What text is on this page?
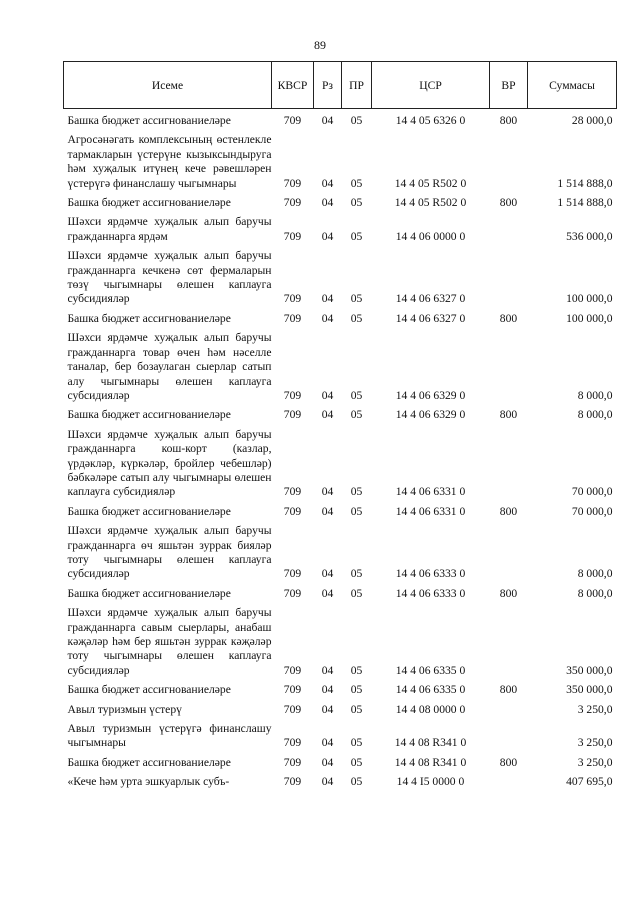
89
Исеме	КВСР	Рз	ПР	ЦСР	ВР	Суммасы
Башка бюджет ассигнованиеләре	709	04	05	14 4 05 6326 0	800	28 000,0
Агросәнәгать комплексының өстенлекле тармакларын үстерүне кызыксындыруга һәм хуҗалык итүнең кече рәвешләрен үстерүгә финанслашу чыгымнары	709	04	05	14 4 05 R502 0		1 514 888,0
Башка бюджет ассигнованиеләре	709	04	05	14 4 05 R502 0	800	1 514 888,0
Шәхси ярдәмче хуҗалык алып баручы гражданнарга ярдәм	709	04	05	14 4 06 0000 0		536 000,0
Шәхси ярдәмче хуҗалык алып баручы гражданнарга кечкенә сөт фермаларын төзү чыгымнары өлешен каплауга субсидияләр	709	04	05	14 4 06 6327 0		100 000,0
Башка бюджет ассигнованиеләре	709	04	05	14 4 06 6327 0	800	100 000,0
Шәхси ярдәмче хуҗалык алып баручы гражданнарга товар өчен һәм нәселле таналар, бер бозаулаган сыерлар сатып алу чыгымнары өлешен каплауга субсидияләр	709	04	05	14 4 06 6329 0		8 000,0
Башка бюджет ассигнованиеләре	709	04	05	14 4 06 6329 0	800	8 000,0
Шәхси ярдәмче хуҗалык алып баручы гражданнарга кош-корт (казлар, үрдәкләр, күркәләр, бройлер чебешләр) бәбкәләре сатып алу чыгымнары өлешен каплауга субсидияләр	709	04	05	14 4 06 6331 0		70 000,0
Башка бюджет ассигнованиеләре	709	04	05	14 4 06 6331 0	800	70 000,0
Шәхси ярдәмче хуҗалык алып баручы гражданнарга өч яшьтән зуррак бияләр тоту чыгымнары өлешен каплауга субсидияләр	709	04	05	14 4 06 6333 0		8 000,0
Башка бюджет ассигнованиеләре	709	04	05	14 4 06 6333 0	800	8 000,0
Шәхси ярдәмче хуҗалык алып баручы гражданнарга савым сыерлары, анабаш кәҗәләр һәм бер яшьтән зуррак кәҗәләр тоту чыгымнары өлешен каплауга субсидияләр	709	04	05	14 4 06 6335 0		350 000,0
Башка бюджет ассигнованиеләре	709	04	05	14 4 06 6335 0	800	350 000,0
Авыл туризмын үстерү	709	04	05	14 4 08 0000 0		3 250,0
Авыл туризмын үстерүгә финанслашу чыгымнары	709	04	05	14 4 08 R341 0		3 250,0
Башка бюджет ассигнованиеләре	709	04	05	14 4 08 R341 0	800	3 250,0
«Кече һәм урта эшкуарлык субъ-	709	04	05	14 4 I5 0000 0		407 695,0
